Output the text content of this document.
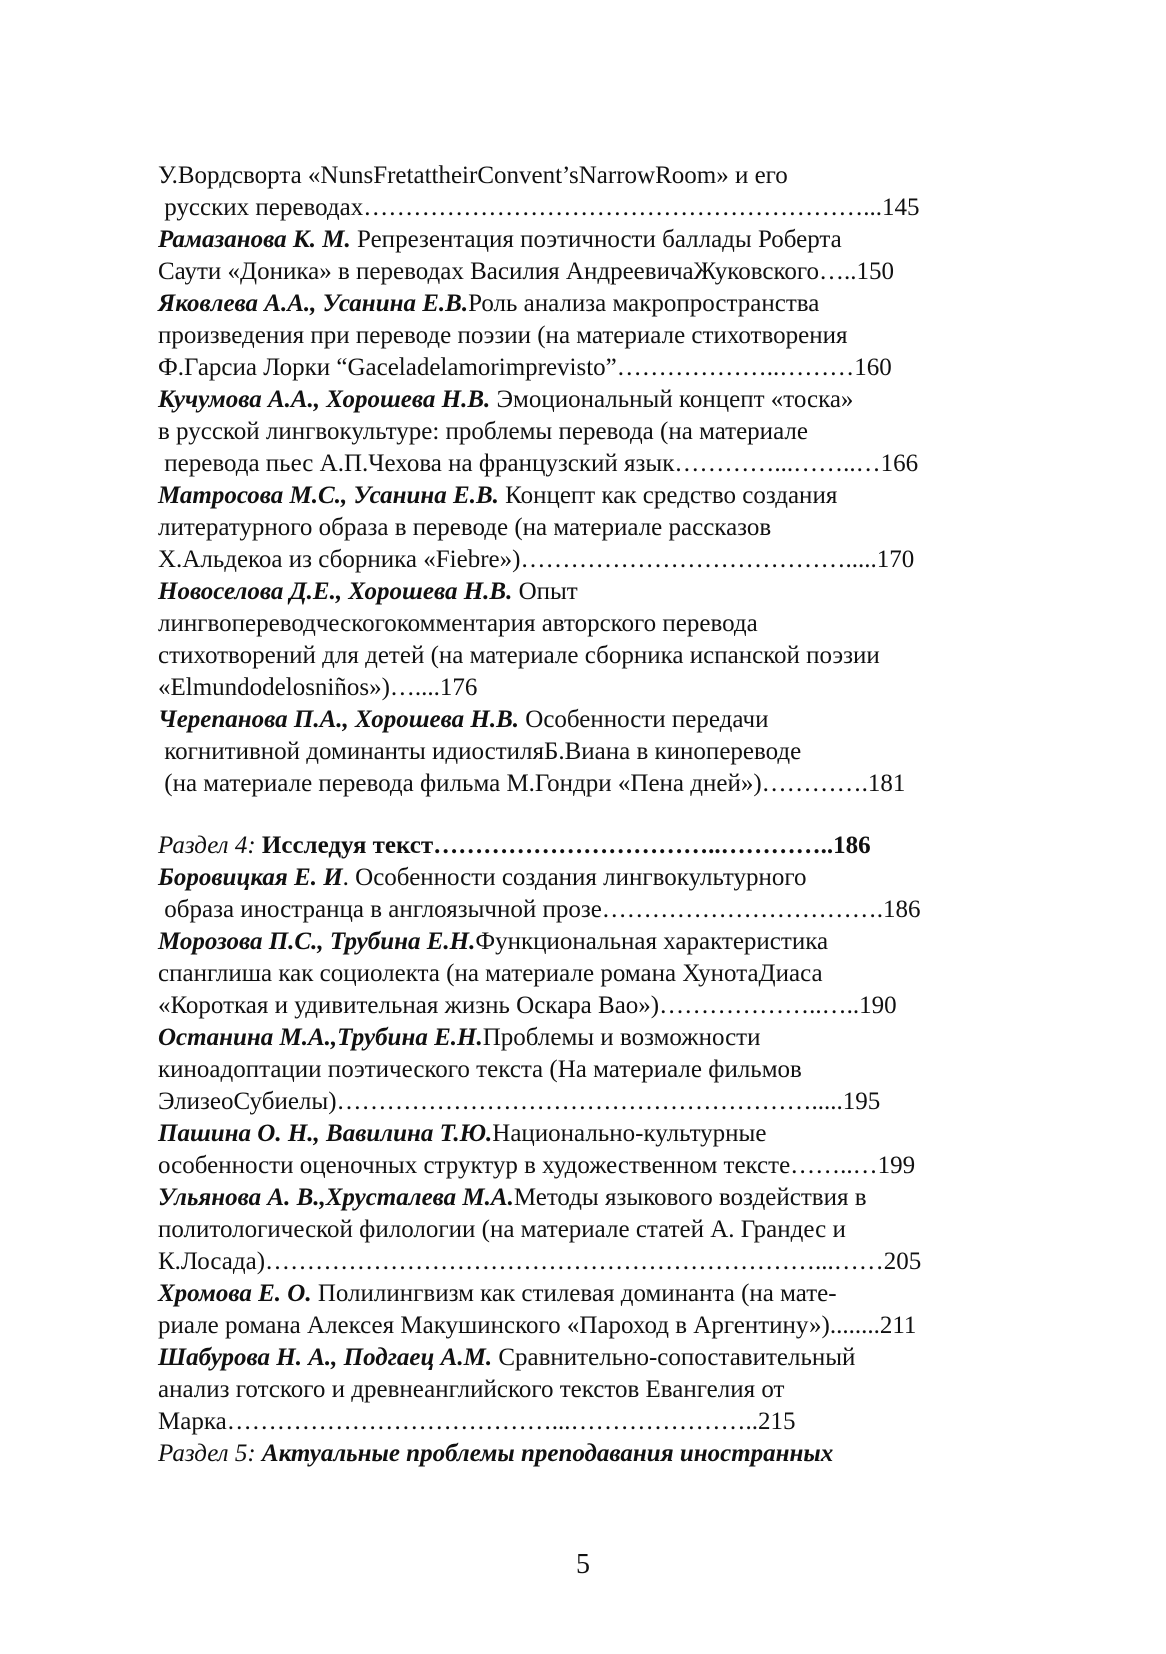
У.Вордсворта «NunsFretattheirConvent’sNarrowRoom» и его
русских переводах……………………………………………………...145
Рамазанова К. М. Репрезентация поэтичности баллады Роберта
Саути «Доника» в переводах Василия АндреевичаЖуковского…..150
Яковлева А.А., Усанина Е.В.Роль анализа макропространства
произведения при переводе поэзии (на материале стихотворения
Ф.Гарсиа Лорки “Gaceladelamorimprevisto”………………..………160
Кучумова А.А., Хорошева Н.В. Эмоциональный концепт «тоска»
в русской лингвокультуре: проблемы перевода (на материале
перевода пьес А.П.Чехова на французский язык…………...……..…166
Матросова М.С., Усанина Е.В. Концепт как средство создания
литературного образа в переводе (на материале рассказов
Х.Альдекоа из сборника «Fiebre»)………………………………….....170
Новоселова Д.Е., Хорошева Н.В. Опыт
лингвопереводческогокомментария авторского перевода
стихотворений для детей (на материале сборника испанской поэзии
«Elmundodelosniños»)…....176
Черепанова П.А., Хорошева Н.В. Особенности передачи
когнитивной доминанты идиостиляБ.Виана в кинопереводе
(на материале перевода фильма М.Гондри «Пена дней»)………….181
Раздел 4: Исследуя текст……………………………..…………..186
Боровицкая Е. И. Особенности создания лингвокультурного
образа иностранца в англоязычной прозе…………………………….186
Морозова П.С., Трубина Е.Н.Функциональная характеристика
спанглиша как социолекта (на материале романа ХунотаДиаса
«Короткая и удивительная жизнь Оскара Вао»)………………..…..190
Останина М.А.,Трубина Е.Н.Проблемы и возможности
киноадоптации поэтического текста (На материале фильмов
ЭлизеоСубиелы)………………………………………………….....195
Пашина О. Н., Вавилина Т.Ю.Национально-культурные
особенности оценочных структур в художественном тексте……..…199
Ульянова А. В.,Хрусталева М.А.Методы языкового воздействия в
политологической филологии (на материале статей А. Грандес и
К.Лосада)…………………………………………………………...……205
Хромова Е. О. Полилингвизм как стилевая доминанта (на мате-
риале романа Алексея Макушинского «Пароход в Аргентину»)........211
Шабурова Н. А., Подгаец А.М. Сравнительно-сопоставительный
анализ готского и древнеанглийского текстов Евангелия от
Марка…………………………………...…………………..215
Раздел 5: Актуальные проблемы преподавания иностранных
5
